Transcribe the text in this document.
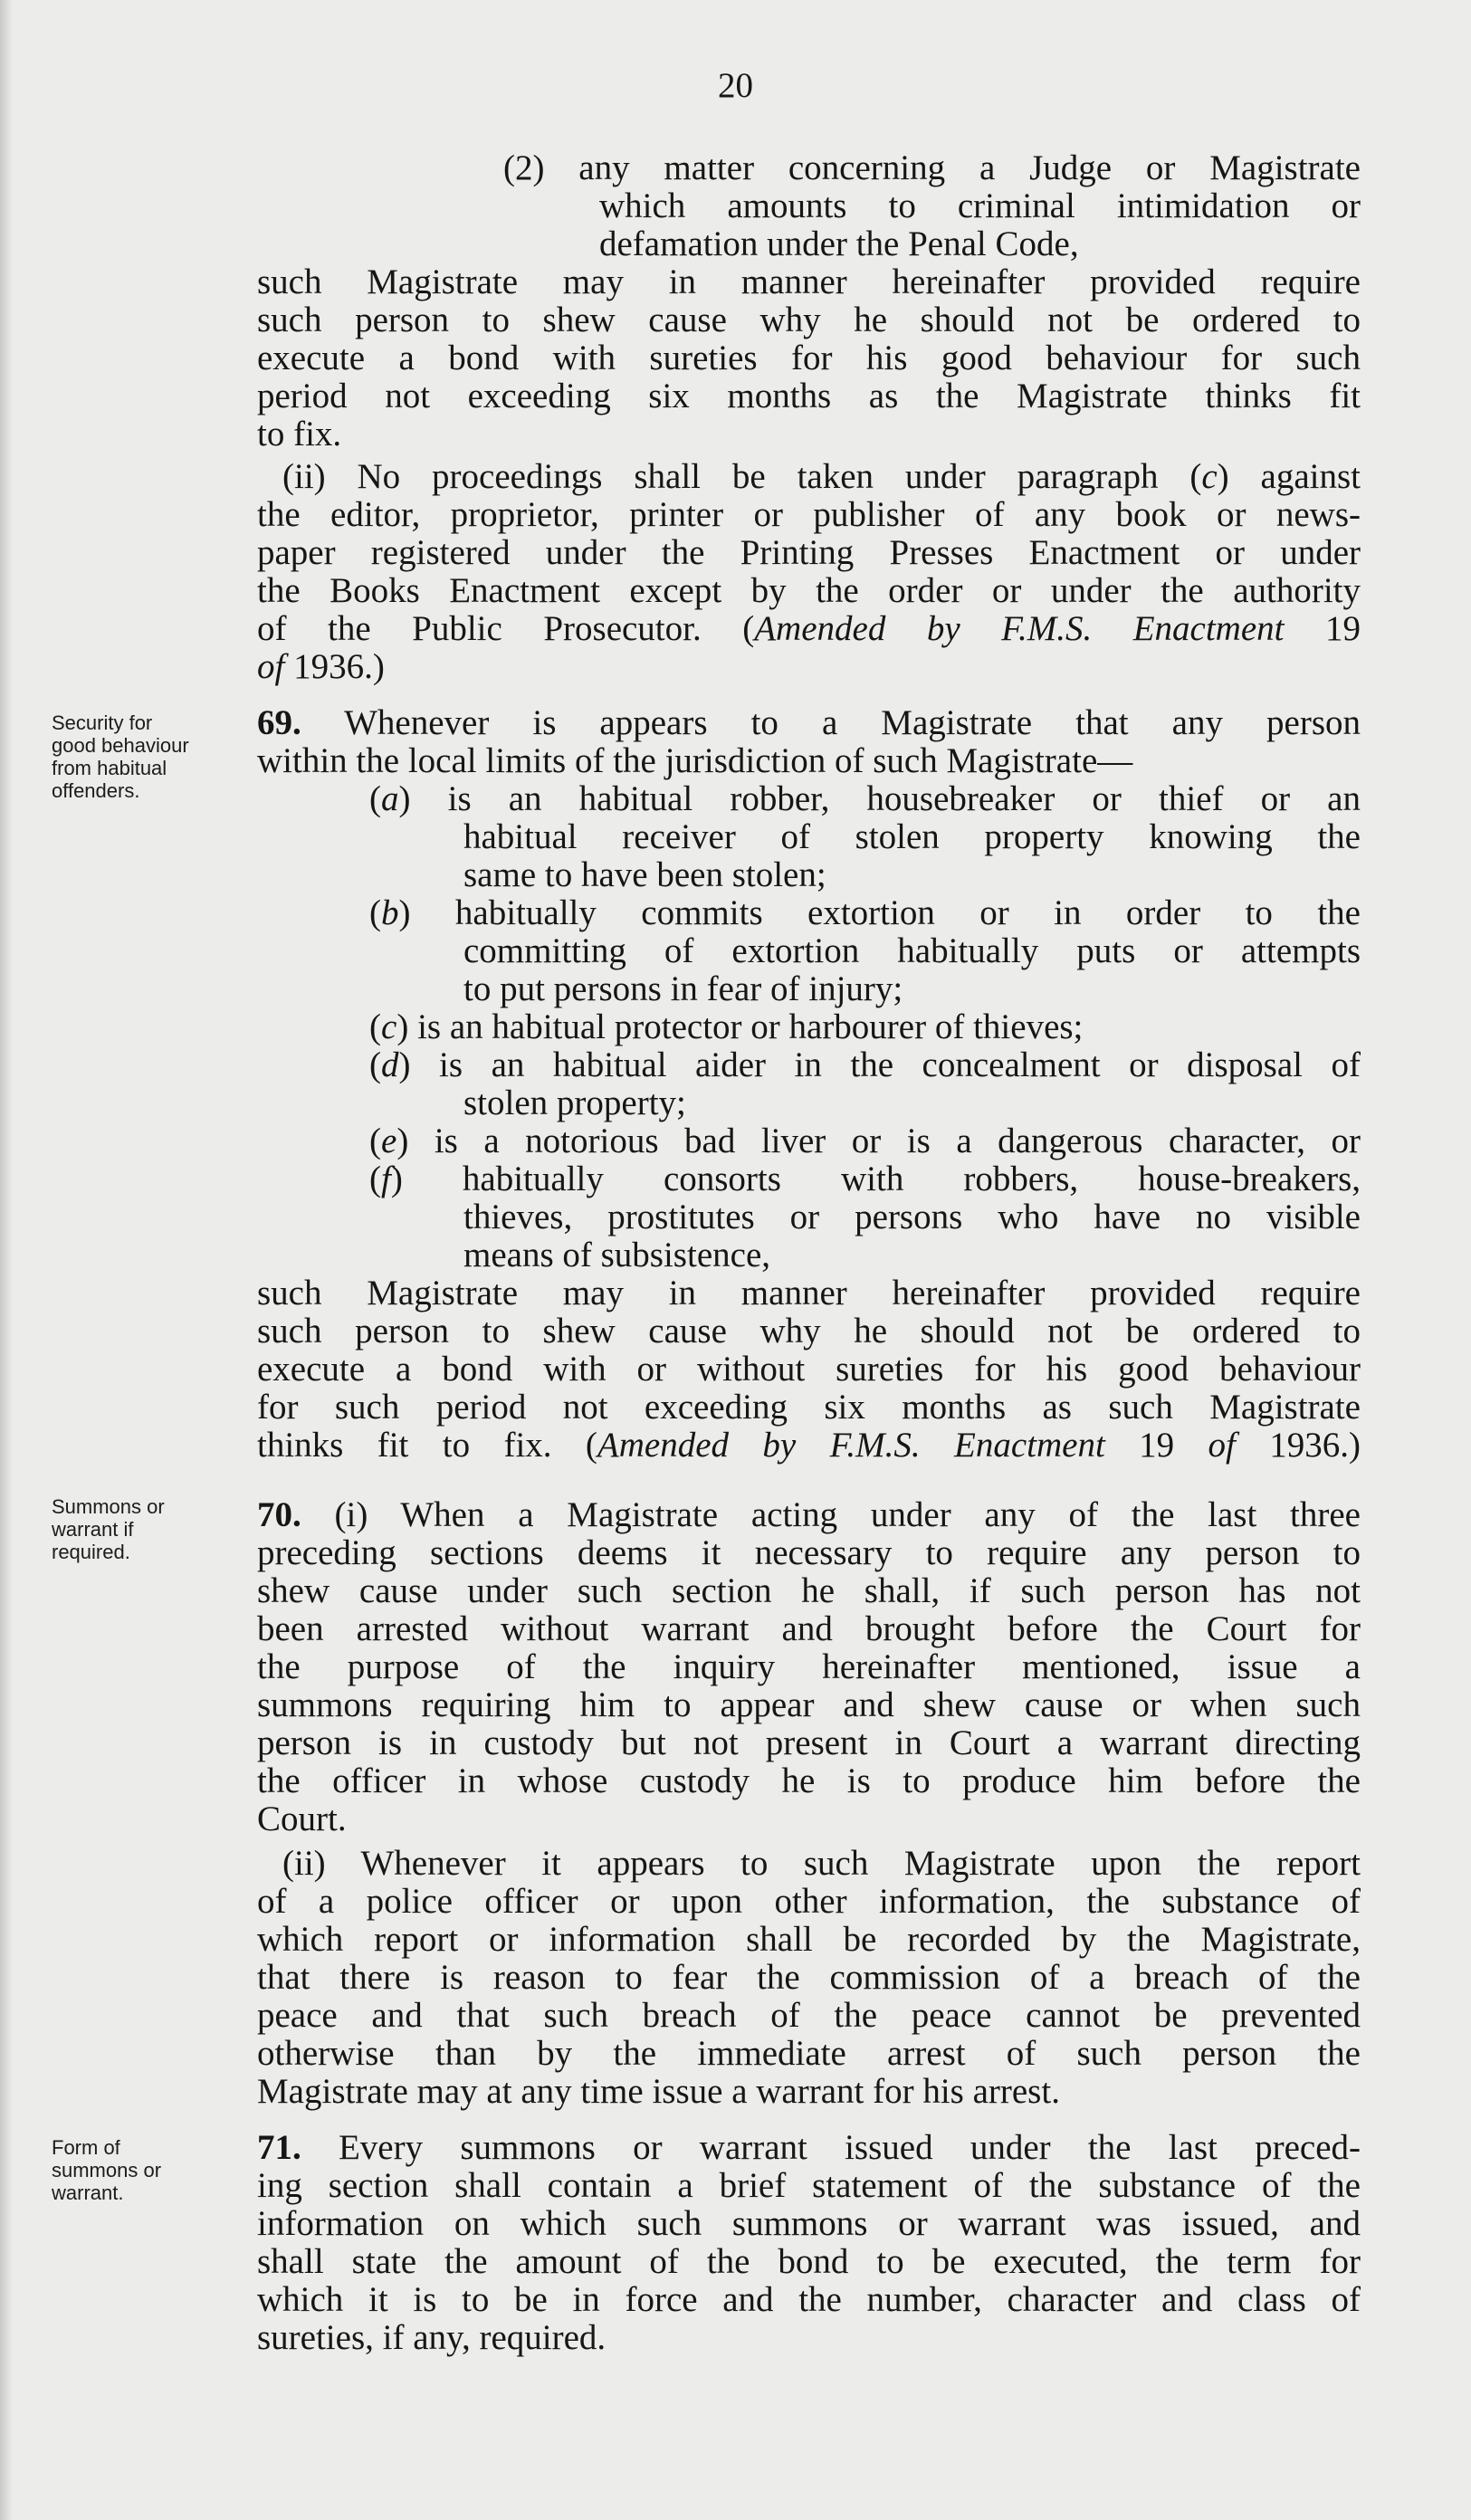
20
(2) any matter concerning a Judge or Magistrate
which amounts to criminal intimidation or
defamation under the Penal Code,
such Magistrate may in manner hereinafter provided require
such person to shew cause why he should not be ordered to
execute a bond with sureties for his good behaviour for such
period not exceeding six months as the Magistrate thinks fit
to fix.
(ii) No proceedings shall be taken under paragraph (c) against
the editor, proprietor, printer or publisher of any book or news-
paper registered under the Printing Presses Enactment or under
the Books Enactment except by the order or under the authority
of the Public Prosecutor. (Amended by F.M.S. Enactment 19
of 1936.)
Security for
good behaviour
from habitual
offenders.
69. Whenever is appears to a Magistrate that any person
within the local limits of the jurisdiction of such Magistrate—
(a) is an habitual robber, housebreaker or thief or an
habitual receiver of stolen property knowing the
same to have been stolen;
(b) habitually commits extortion or in order to the
committing of extortion habitually puts or attempts
to put persons in fear of injury;
(c) is an habitual protector or harbourer of thieves;
(d) is an habitual aider in the concealment or disposal of
stolen property;
(e) is a notorious bad liver or is a dangerous character, or
(f) habitually consorts with robbers, house-breakers,
thieves, prostitutes or persons who have no visible
means of subsistence,
such Magistrate may in manner hereinafter provided require
such person to shew cause why he should not be ordered to
execute a bond with or without sureties for his good behaviour
for such period not exceeding six months as such Magistrate
thinks fit to fix. (Amended by F.M.S. Enactment 19 of 1936.)
Summons or
warrant if
required.
70. (i) When a Magistrate acting under any of the last three
preceding sections deems it necessary to require any person to
shew cause under such section he shall, if such person has not
been arrested without warrant and brought before the Court for
the purpose of the inquiry hereinafter mentioned, issue a
summons requiring him to appear and shew cause or when such
person is in custody but not present in Court a warrant directing
the officer in whose custody he is to produce him before the
Court.
(ii) Whenever it appears to such Magistrate upon the report
of a police officer or upon other information, the substance of
which report or information shall be recorded by the Magistrate,
that there is reason to fear the commission of a breach of the
peace and that such breach of the peace cannot be prevented
otherwise than by the immediate arrest of such person the
Magistrate may at any time issue a warrant for his arrest.
Form of
summons or
warrant.
71. Every summons or warrant issued under the last preced-
ing section shall contain a brief statement of the substance of the
information on which such summons or warrant was issued, and
shall state the amount of the bond to be executed, the term for
which it is to be in force and the number, character and class of
sureties, if any, required.
